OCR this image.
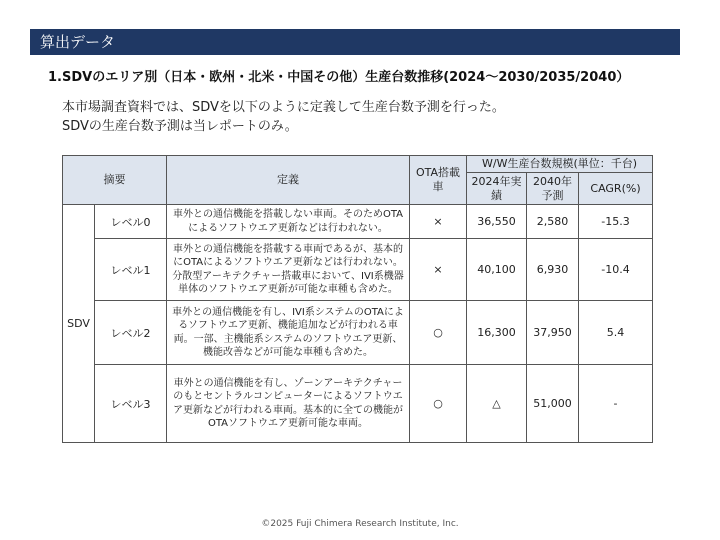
算出データ
1.SDVのエリア別（日本・欧州・北米・中国その他）生産台数推移(2024～2030/2035/2040）
本市場調査資料では、SDVを以下のように定義して生産台数予測を行った。
SDVの生産台数予測は当レポートのみ。
摘要		定義	OTA搭載車	W/W生産台数規模(単位：千台)		
				2024年実績	2040年予測	CAGR(%)
SDV	レベル0	車外との通信機能を搭載しない車両。そのためOTAによるソフトウエア更新などは行われない。	×	36,550	2,580	-15.3
	レベル1	車外との通信機能を搭載する車両であるが、基本的にOTAによるソフトウエア更新などは行われない。分散型アーキテクチャー搭載車において、IVI系機器単体のソフトウエア更新が可能な車種も含めた。	×	40,100	6,930	-10.4
	レベル2	車外との通信機能を有し、IVI系システムのOTAによるソフトウエア更新、機能追加などが行われる車両。一部、主機能系システムのソフトウエア更新、機能改善などが可能な車種も含めた。	○	16,300	37,950	5.4
	レベル3	車外との通信機能を有し、ゾーンアーキテクチャーのもとセントラルコンピューターによるソフトウエア更新などが行われる車両。基本的に全ての機能がOTAソフトウエア更新可能な車両。	○	△	51,000	-
©2025 Fuji Chimera Research Institute, Inc.
